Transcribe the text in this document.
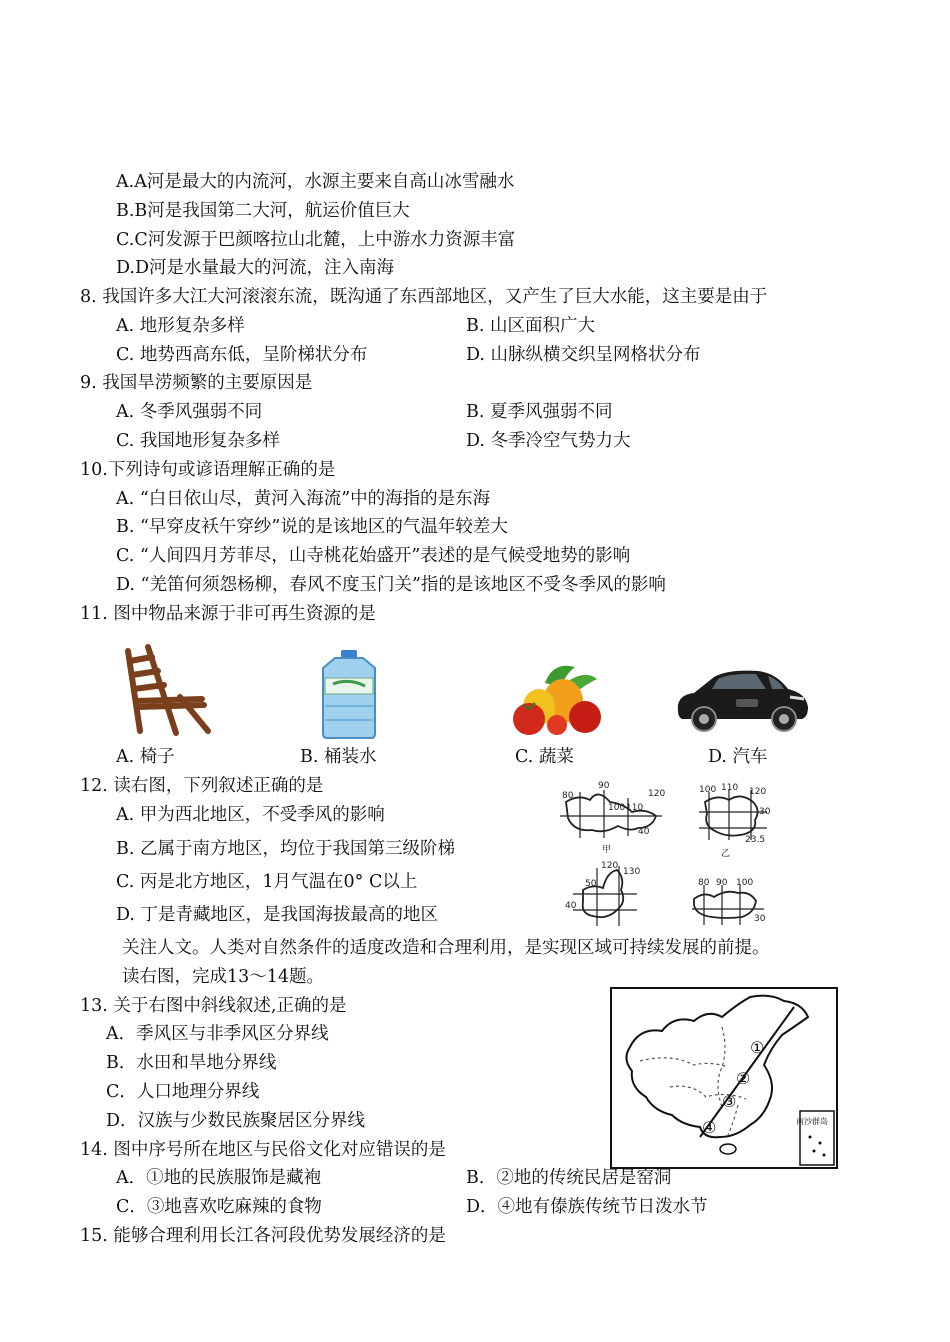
A.A河是最大的内流河，水源主要来自高山冰雪融水
B.B河是我国第二大河，航运价值巨大
C.C河发源于巴颜喀拉山北麓，上中游水力资源丰富
D.D河是水量最大的河流，注入南海
8. 我国许多大江大河滚滚东流，既沟通了东西部地区，又产生了巨大水能，这主要是由于
A. 地形复杂多样	B. 山区面积广大
C. 地势西高东低，呈阶梯状分布	D. 山脉纵横交织呈网格状分布
9. 我国旱涝频繁的主要原因是
A. 冬季风强弱不同	B. 夏季风强弱不同
C. 我国地形复杂多样	D. 冬季冷空气势力大
10.下列诗句或谚语理解正确的是
A. “白日依山尽，黄河入海流”中的海指的是东海
B. “早穿皮袄午穿纱”说的是该地区的气温年较差大
C. “人间四月芳菲尽，山寺桃花始盛开”表述的是气候受地势的影响
D. “羌笛何须怨杨柳，春风不度玉门关”指的是该地区不受冬季风的影响
11. 图中物品来源于非可再生资源的是
A. 椅子	B. 桶装水	C. 蔬菜	D. 汽车
12. 读右图，下列叙述正确的是
A. 甲为西北地区，不受季风的影响
B. 乙属于南方地区，均位于我国第三级阶梯
C. 丙是北方地区，1月气温在0° C以上
D. 丁是青藏地区，是我国海拔最高的地区
80
90
100 110
120
40
甲
100 110 120
30
23.5
乙
120
130
50
40
80 90 100
30
关注人文。人类对自然条件的适度改造和合理利用，是实现区域可持续发展的前提。
读右图，完成13～14题。
13. 关于右图中斜线叙述,正确的是
A．季风区与非季风区分界线
B．水田和旱地分界线
C．人口地理分界线
D．汉族与少数民族聚居区分界线
①
②
③
④	南沙群岛
14. 图中序号所在地区与民俗文化对应错误的是
A．①地的民族服饰是藏袍	B．②地的传统民居是窑洞
C．③地喜欢吃麻辣的食物	D．④地有傣族传统节日泼水节
15. 能够合理利用长江各河段优势发展经济的是
